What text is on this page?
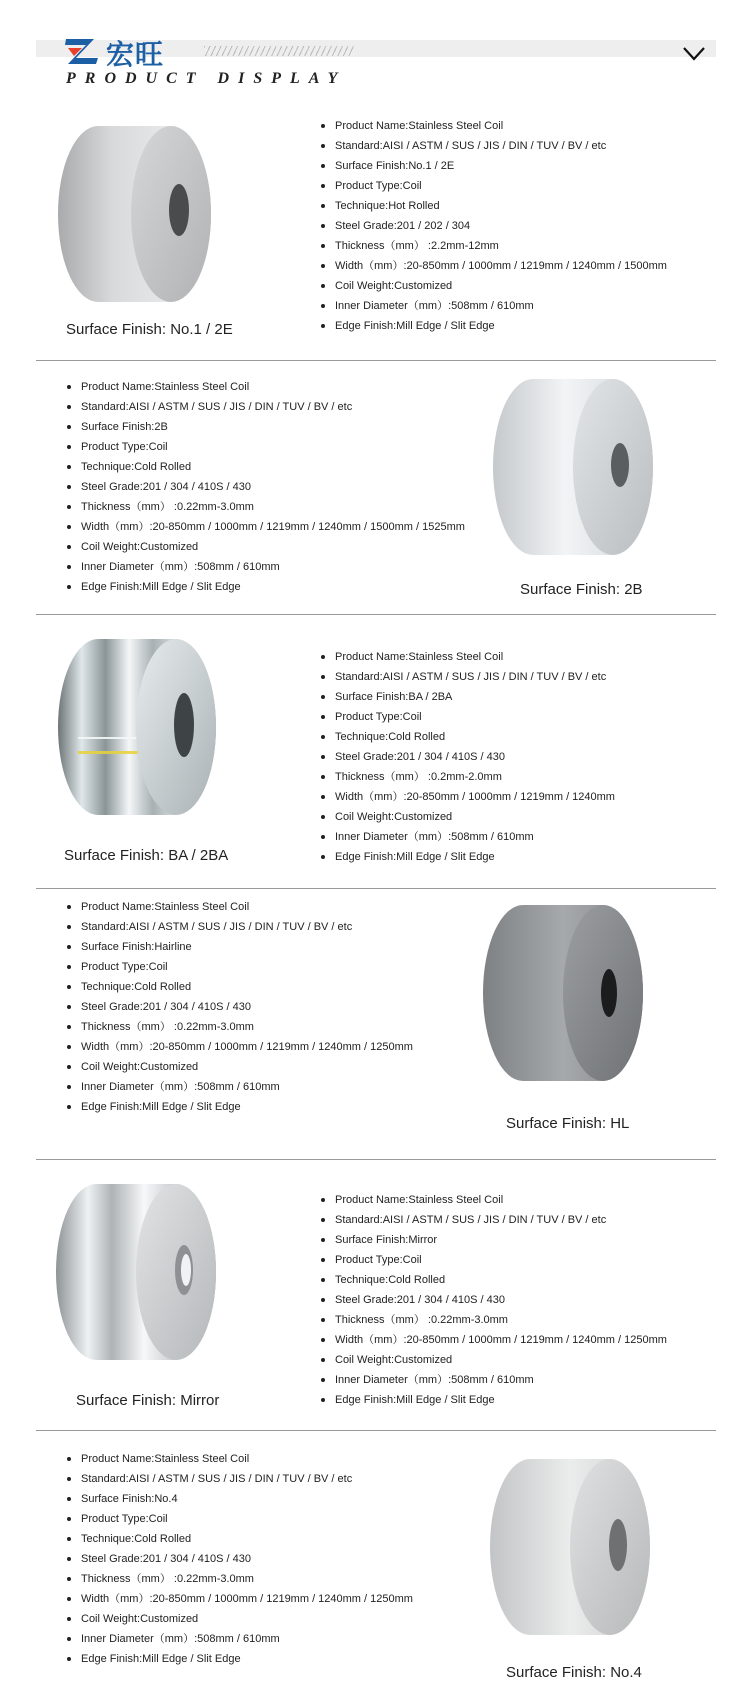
宏旺
PRODUCT DISPLAY
Surface Finish: No.1 / 2E
Product Name:Stainless Steel Coil
Standard:AISI / ASTM / SUS / JIS / DIN / TUV / BV / etc
Surface Finish:No.1 / 2E
Product Type:Coil
Technique:Hot Rolled
Steel Grade:201 / 202 / 304
Thickness（mm） :2.2mm-12mm
Width（mm）:20-850mm / 1000mm / 1219mm / 1240mm / 1500mm
Coil Weight:Customized
Inner Diameter（mm）:508mm / 610mm
Edge Finish:Mill Edge / Slit Edge
Product Name:Stainless Steel Coil
Standard:AISI / ASTM / SUS / JIS / DIN / TUV / BV / etc
Surface Finish:2B
Product Type:Coil
Technique:Cold Rolled
Steel Grade:201 / 304 / 410S / 430
Thickness（mm） :0.22mm-3.0mm
Width（mm）:20-850mm / 1000mm / 1219mm / 1240mm / 1500mm / 1525mm
Coil Weight:Customized
Inner Diameter（mm）:508mm / 610mm
Edge Finish:Mill Edge / Slit Edge	Surface Finish: 2B
Surface Finish: BA / 2BA
Product Name:Stainless Steel Coil
Standard:AISI / ASTM / SUS / JIS / DIN / TUV / BV / etc
Surface Finish:BA / 2BA
Product Type:Coil
Technique:Cold Rolled
Steel Grade:201 / 304 / 410S / 430
Thickness（mm） :0.2mm-2.0mm
Width（mm）:20-850mm / 1000mm / 1219mm / 1240mm
Coil Weight:Customized
Inner Diameter（mm）:508mm / 610mm
Edge Finish:Mill Edge / Slit Edge
Product Name:Stainless Steel Coil
Standard:AISI / ASTM / SUS / JIS / DIN / TUV / BV / etc
Surface Finish:Hairline
Product Type:Coil
Technique:Cold Rolled
Steel Grade:201 / 304 / 410S / 430
Thickness（mm） :0.22mm-3.0mm
Width（mm）:20-850mm / 1000mm / 1219mm / 1240mm / 1250mm
Coil Weight:Customized
Inner Diameter（mm）:508mm / 610mm
Edge Finish:Mill Edge / Slit Edge
Surface Finish: HL
Surface Finish: Mirror
Product Name:Stainless Steel Coil
Standard:AISI / ASTM / SUS / JIS / DIN / TUV / BV / etc
Surface Finish:Mirror
Product Type:Coil
Technique:Cold Rolled
Steel Grade:201 / 304 / 410S / 430
Thickness（mm） :0.22mm-3.0mm
Width（mm）:20-850mm / 1000mm / 1219mm / 1240mm / 1250mm
Coil Weight:Customized
Inner Diameter（mm）:508mm / 610mm
Edge Finish:Mill Edge / Slit Edge
Product Name:Stainless Steel Coil
Standard:AISI / ASTM / SUS / JIS / DIN / TUV / BV / etc
Surface Finish:No.4
Product Type:Coil
Technique:Cold Rolled
Steel Grade:201 / 304 / 410S / 430
Thickness（mm） :0.22mm-3.0mm
Width（mm）:20-850mm / 1000mm / 1219mm / 1240mm / 1250mm
Coil Weight:Customized
Inner Diameter（mm）:508mm / 610mm
Edge Finish:Mill Edge / Slit Edge
Surface Finish: No.4
